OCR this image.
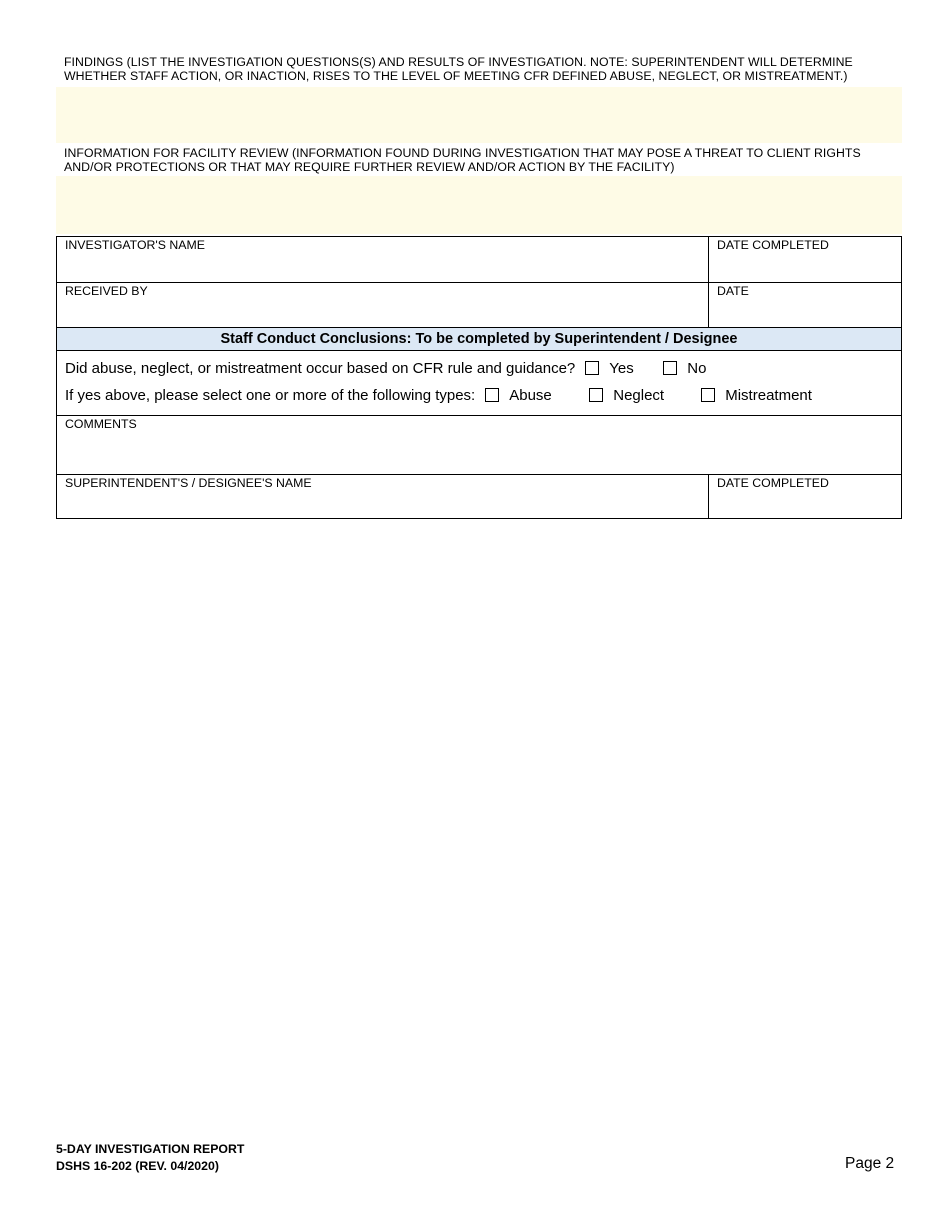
FINDINGS (LIST THE INVESTIGATION QUESTIONS(S) AND RESULTS OF INVESTIGATION. NOTE: SUPERINTENDENT WILL DETERMINE WHETHER STAFF ACTION, OR INACTION, RISES TO THE LEVEL OF MEETING CFR DEFINED ABUSE, NEGLECT, OR MISTREATMENT.)
INFORMATION FOR FACILITY REVIEW (INFORMATION FOUND DURING INVESTIGATION THAT MAY POSE A THREAT TO CLIENT RIGHTS AND/OR PROTECTIONS OR THAT MAY REQUIRE FURTHER REVIEW AND/OR ACTION BY THE FACILITY)
INVESTIGATOR'S NAME	DATE COMPLETED
RECEIVED BY	DATE
Staff Conduct Conclusions: To be completed by Superintendent / Designee
Did abuse, neglect, or mistreatment occur based on CFR rule and guidance? Yes	No
If yes above, please select one or more of the following types: Abuse	Neglect	Mistreatment
COMMENTS
SUPERINTENDENT'S / DESIGNEE'S NAME	DATE COMPLETED
5-DAY INVESTIGATION REPORT
DSHS 16-202 (REV. 04/2020)	Page 2
